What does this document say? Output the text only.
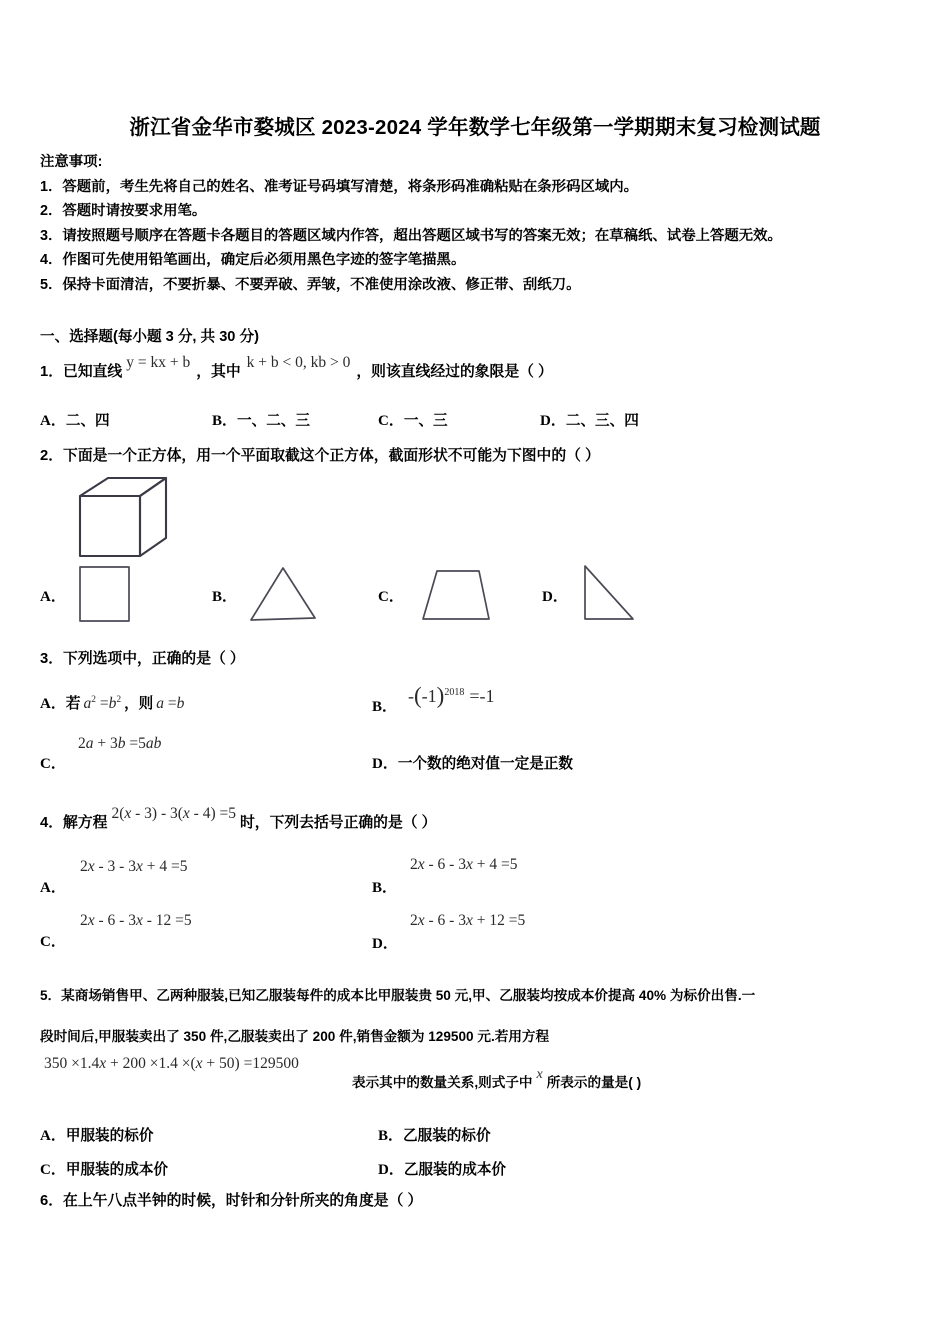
浙江省金华市婺城区 2023-2024 学年数学七年级第一学期期末复习检测试题

注意事项:

1．答题前，考生先将自己的姓名、准考证号码填写清楚，将条形码准确粘贴在条形码区域内。

2．答题时请按要求用笔。

3．请按照题号顺序在答题卡各题目的答题区域内作答，超出答题区域书写的答案无效；在草稿纸、试卷上答题无效。

4．作图可先使用铅笔画出，确定后必须用黑色字迹的签字笔描黑。

5．保持卡面清洁，不要折暴、不要弄破、弄皱，不准使用涂改液、修正带、刮纸刀。

一、选择题(每小题 3 分, 共 30 分)
1．已知直线y = kx + b，其中k + b < 0, kb > 0，则该直线经过的象限是（ ）
A．二、四	B．一、二、三	C．一、三	D．二、三、四
2．下面是一个正方体，用一个平面取截这个正方体，截面形状不可能为下图中的（ ）
A．	B．	C．	D．
3．下列选项中，正确的是（ ）
A．若 $a^2 =b^2$ ，则 a =b	B．
$-(-1)^{2018} =-1$
C．
2a + 3b =5ab
D．一个数的绝对值一定是正数
4．解方程2(x - 3) - 3(x - 4) =5时，下列去括号正确的是（ ）
A．
2x - 3 - 3x + 4 =5
B．
2x - 6 - 3x + 4 =5
C．
2x - 6 - 3x - 12 =5
D．
2x - 6 - 3x + 12 =5
5．某商场销售甲、乙两种服装,已知乙服装每件的成本比甲服装贵 50 元,甲、乙服装均按成本价提高 40% 为标价出售.一
段时间后,甲服装卖出了 350 件,乙服装卖出了 200 件,销售金额为 129500 元.若用方程
350 ×1.4x + 200 ×1.4 ×(x + 50) =129500
表示其中的数量关系,则式子中x所表示的量是( )
A．甲服装的标价	B．乙服装的标价
C．甲服装的成本价	D．乙服装的成本价
6．在上午八点半钟的时候，时针和分针所夹的角度是（ ）
